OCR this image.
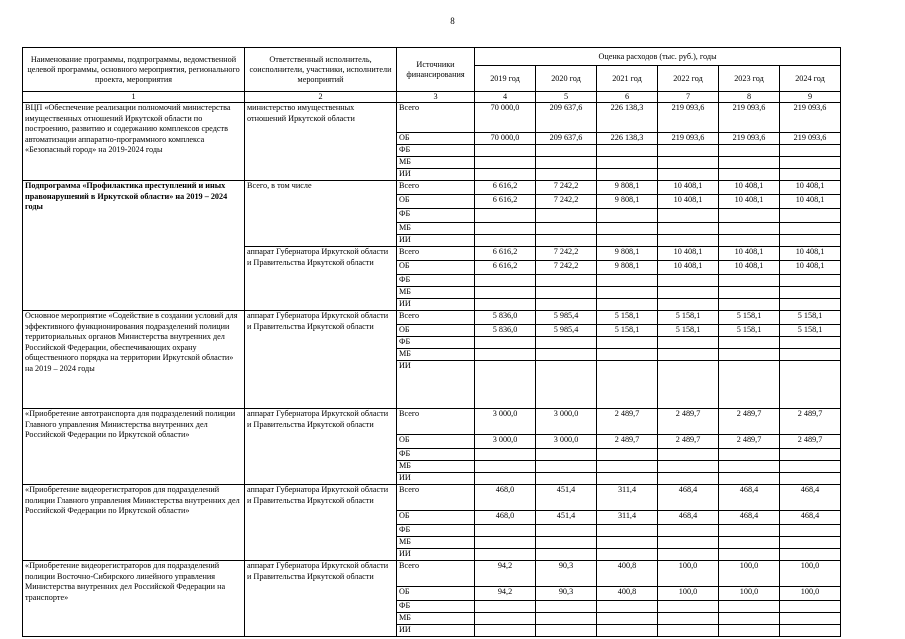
8
Наименование программы, подпрограммы, ведомственной целевой программы, основного мероприятия, регионального проекта, мероприятия	Ответственный исполнитель, соисполнители, участники, исполнители мероприятий	Источники финансирования	Оценка расходов (тыс. руб.), годы					
			2019 год	2020 год	2021 год	2022 год	2023 год	2024 год
1	2	3	4	5	6	7	8	9
ВЦП «Обеспечение реализации полномочий министерства имущественных отношений Иркутской области по построению, развитию и содержанию комплексов средств автоматизации аппаратно-программного комплекса «Безопасный город» на 2019-2024 годы	министерство имущественных отношений Иркутской области	Всего	70 000,0	209 637,6	226 138,3	219 093,6	219 093,6	219 093,6
		ОБ	70 000,0	209 637,6	226 138,3	219 093,6	219 093,6	219 093,6
		ФБ						
		МБ						
		ИИ						
Подпрограмма «Профилактика преступлений и иных правонарушений в Иркутской области» на 2019 – 2024 годы	Всего, в том числе	Всего	6 616,2	7 242,2	9 808,1	10 408,1	10 408,1	10 408,1
		ОБ	6 616,2	7 242,2	9 808,1	10 408,1	10 408,1	10 408,1
		ФБ						
		МБ						
		ИИ						
	аппарат Губернатора Иркутской области и Правительства Иркутской области	Всего	6 616,2	7 242,2	9 808,1	10 408,1	10 408,1	10 408,1
		ОБ	6 616,2	7 242,2	9 808,1	10 408,1	10 408,1	10 408,1
		ФБ						
		МБ						
		ИИ						
Основное мероприятие «Содействие в создании условий для эффективного функционирования подразделений полиции территориальных органов Министерства внутренних дел Российской Федерации, обеспечивающих охрану общественного порядка на территории Иркутской области» на 2019 – 2024 годы	аппарат Губернатора Иркутской области и Правительства Иркутской области	Всего	5 836,0	5 985,4	5 158,1	5 158,1	5 158,1	5 158,1
		ОБ	5 836,0	5 985,4	5 158,1	5 158,1	5 158,1	5 158,1
		ФБ						
		МБ						
		ИИ						
«Приобретение автотранспорта для подразделений полиции Главного управления Министерства внутренних дел Российской Федерации по Иркутской области»	аппарат Губернатора Иркутской области и Правительства Иркутской области	Всего	3 000,0	3 000,0	2 489,7	2 489,7	2 489,7	2 489,7
		ОБ	3 000,0	3 000,0	2 489,7	2 489,7	2 489,7	2 489,7
		ФБ						
		МБ						
		ИИ						
«Приобретение видеорегистраторов для подразделений полиции Главного управления Министерства внутренних дел Российской Федерации по Иркутской области»	аппарат Губернатора Иркутской области и Правительства Иркутской области	Всего	468,0	451,4	311,4	468,4	468,4	468,4
		ОБ	468,0	451,4	311,4	468,4	468,4	468,4
		ФБ						
		МБ						
		ИИ						
«Приобретение видеорегистраторов для подразделений полиции Восточно-Сибирского линейного управления Министерства внутренних дел Российской Федерации на транспорте»	аппарат Губернатора Иркутской области и Правительства Иркутской области	Всего	94,2	90,3	400,8	100,0	100,0	100,0
		ОБ	94,2	90,3	400,8	100,0	100,0	100,0
		ФБ						
		МБ						
		ИИ						
